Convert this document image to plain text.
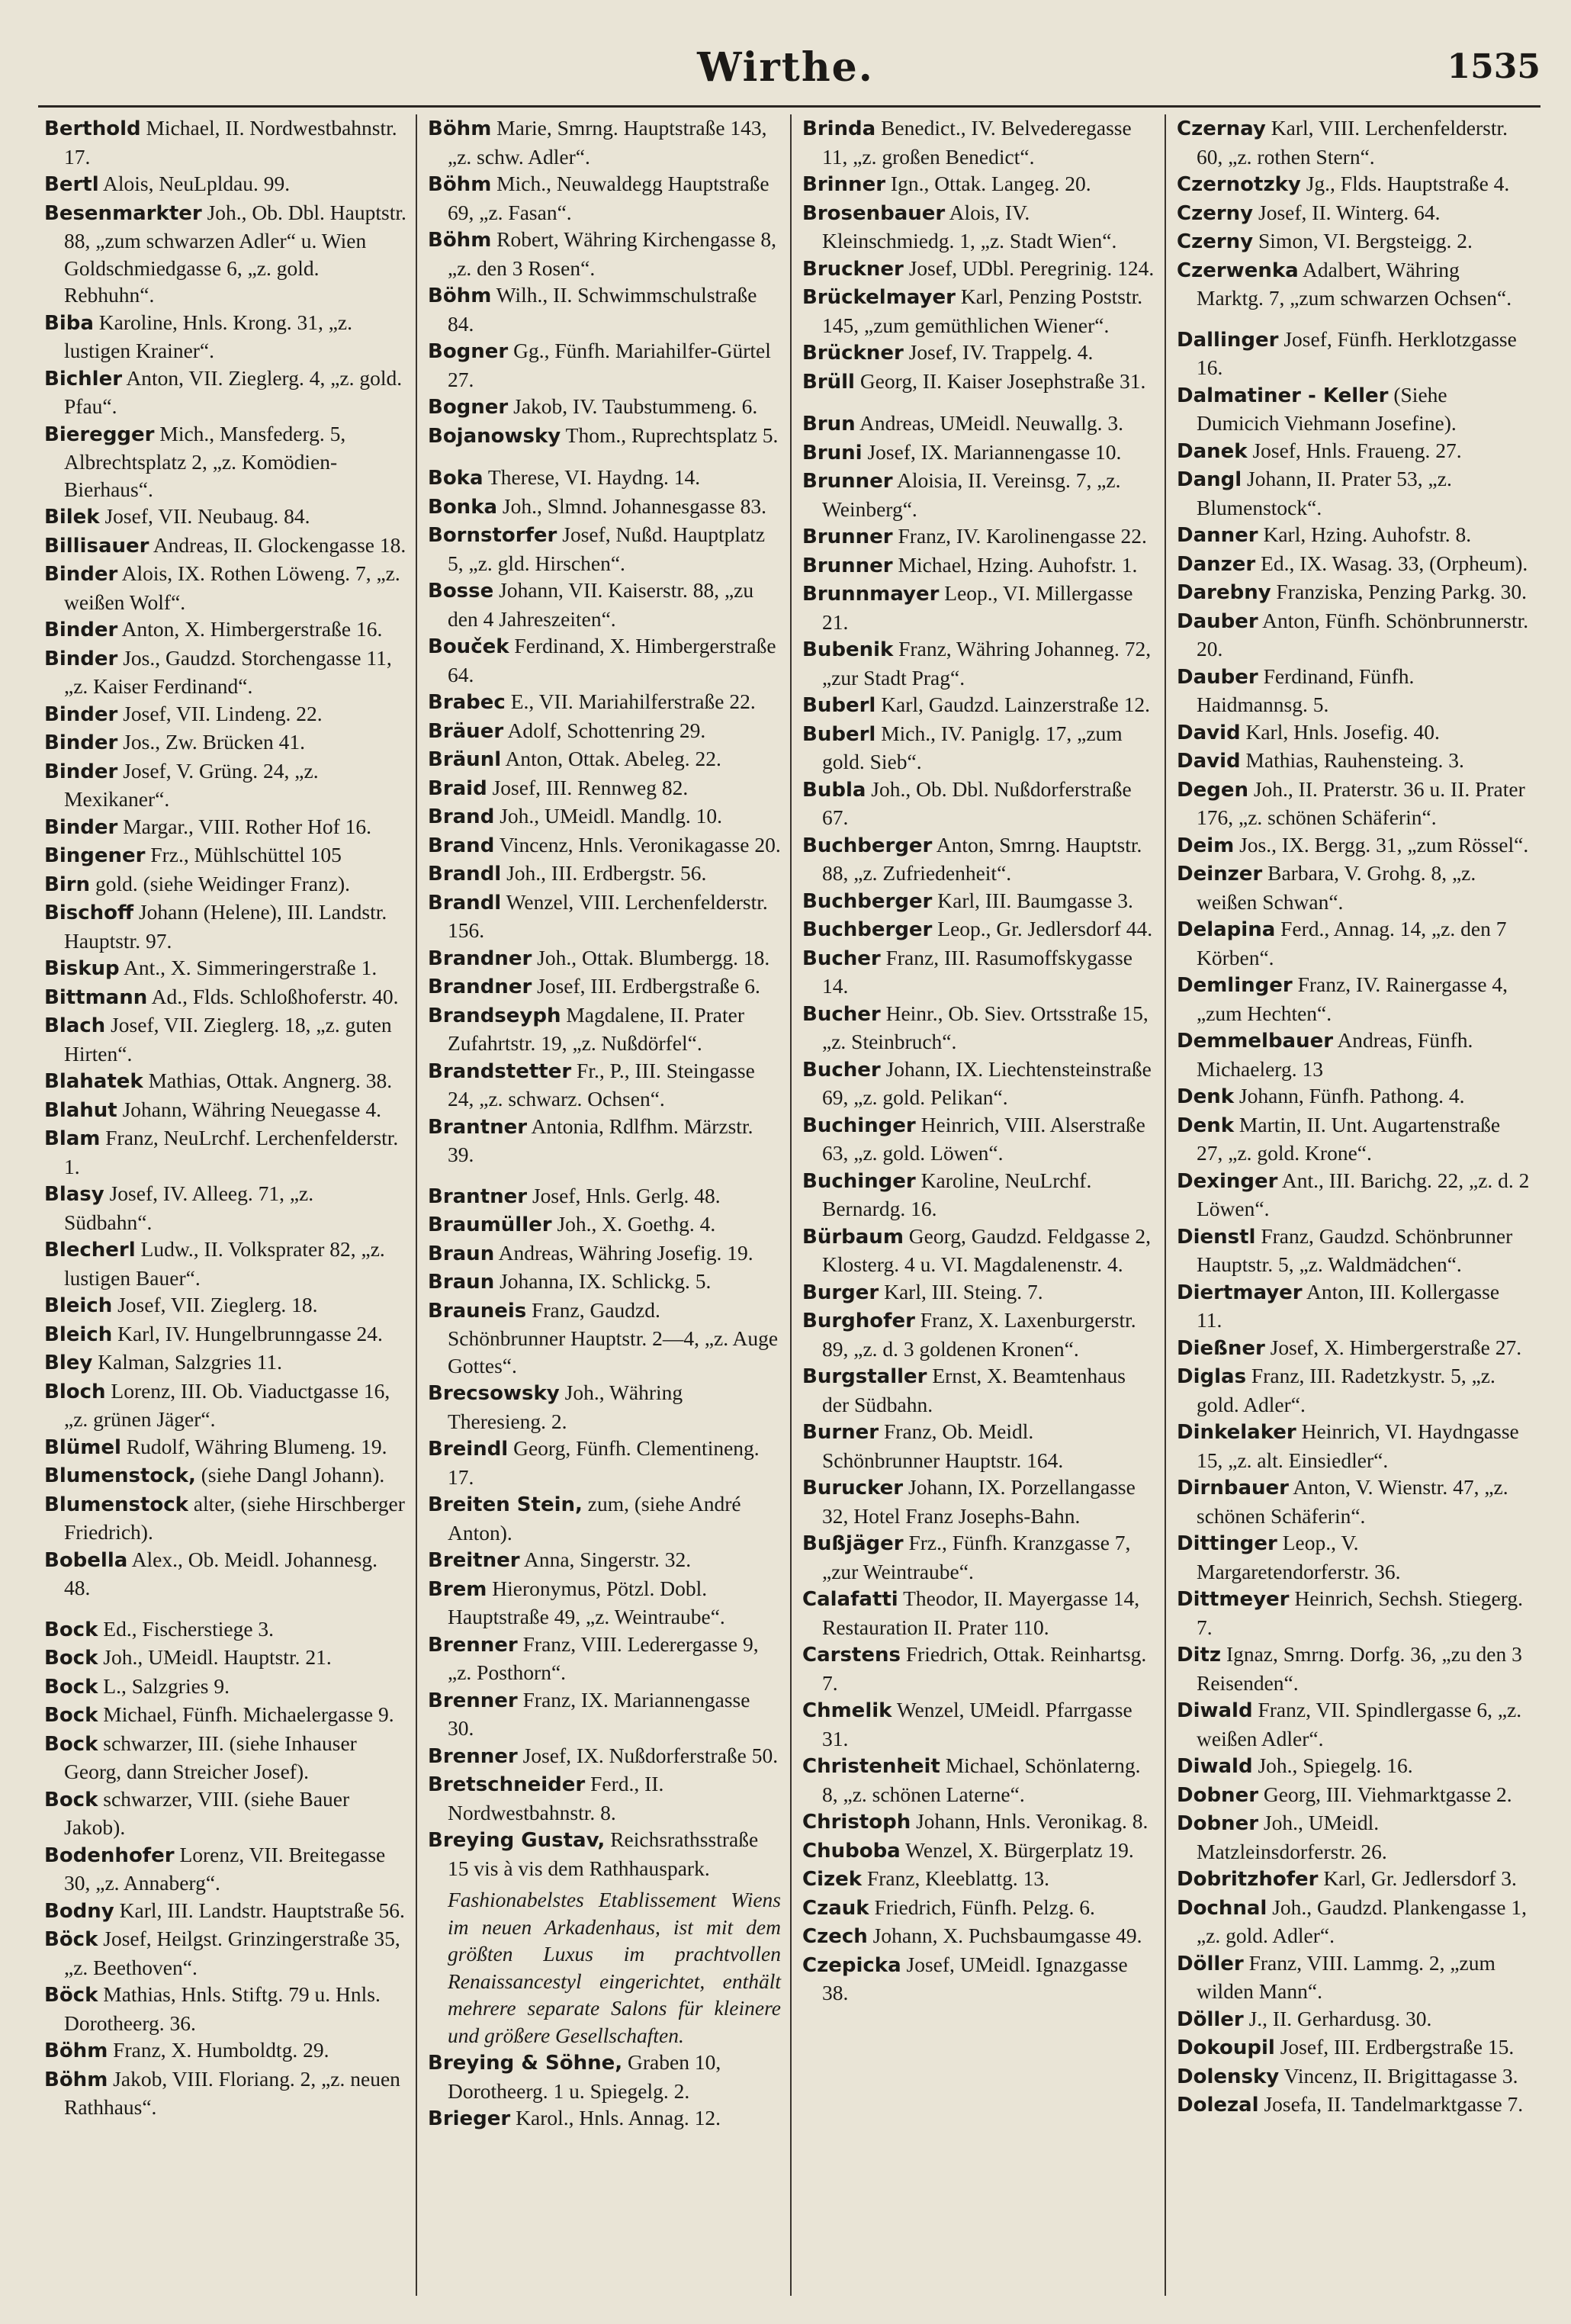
Wirthe.	1535

Berthold Michael, II. Nordwestbahnstr. 17.

Bertl Alois, NeuLpldau. 99.

Besenmarkter Joh., Ob. Dbl. Hauptstr. 88, „zum schwarzen Adler“ u. Wien Goldschmiedgasse 6, „z. gold. Rebhuhn“.

Biba Karoline, Hnls. Krong. 31, „z. lustigen Krainer“.

Bichler Anton, VII. Zieglerg. 4, „z. gold. Pfau“.

Bieregger Mich., Mansfederg. 5, Albrechtsplatz 2, „z. Komödien-Bierhaus“.

Bilek Josef, VII. Neubaug. 84.

Billisauer Andreas, II. Glockengasse 18.

Binder Alois, IX. Rothen Löweng. 7, „z. weißen Wolf“.

Binder Anton, X. Himbergerstraße 16.

Binder Jos., Gaudzd. Storchengasse 11, „z. Kaiser Ferdinand“.

Binder Josef, VII. Lindeng. 22.

Binder Jos., Zw. Brücken 41.

Binder Josef, V. Grüng. 24, „z. Mexikaner“.

Binder Margar., VIII. Rother Hof 16.

Bingener Frz., Mühlschüttel 105

Birn gold. (siehe Weidinger Franz).

Bischoff Johann (Helene), III. Landstr. Hauptstr. 97.

Biskup Ant., X. Simmeringerstraße 1.

Bittmann Ad., Flds. Schloßhoferstr. 40.

Blach Josef, VII. Zieglerg. 18, „z. guten Hirten“.

Blahatek Mathias, Ottak. Angnerg. 38.

Blahut Johann, Währing Neuegasse 4.

Blam Franz, NeuLrchf. Lerchenfelderstr. 1.

Blasy Josef, IV. Alleeg. 71, „z. Südbahn“.

Blecherl Ludw., II. Volksprater 82, „z. lustigen Bauer“.

Bleich Josef, VII. Zieglerg. 18.

Bleich Karl, IV. Hungelbrunngasse 24.

Bley Kalman, Salzgries 11.

Bloch Lorenz, III. Ob. Viaductgasse 16, „z. grünen Jäger“.

Blümel Rudolf, Währing Blumeng. 19.

Blumenstock, (siehe Dangl Johann).

Blumenstock alter, (siehe Hirschberger Friedrich).

Bobella Alex., Ob. Meidl. Johannesg. 48.

Bock Ed., Fischerstiege 3.

Bock Joh., UMeidl. Hauptstr. 21.

Bock L., Salzgries 9.

Bock Michael, Fünfh. Michaelergasse 9.

Bock schwarzer, III. (siehe Inhauser Georg, dann Streicher Josef).

Bock schwarzer, VIII. (siehe Bauer Jakob).

Bodenhofer Lorenz, VII. Breitegasse 30, „z. Annaberg“.

Bodny Karl, III. Landstr. Hauptstraße 56.

Böck Josef, Heilgst. Grinzingerstraße 35, „z. Beethoven“.

Böck Mathias, Hnls. Stiftg. 79 u. Hnls. Dorotheerg. 36.

Böhm Franz, X. Humboldtg. 29.

Böhm Jakob, VIII. Floriang. 2, „z. neuen Rathhaus“.

Böhm Marie, Smrng. Hauptstraße 143, „z. schw. Adler“.

Böhm Mich., Neuwaldegg Hauptstraße 69, „z. Fasan“.

Böhm Robert, Währing Kirchengasse 8, „z. den 3 Rosen“.

Böhm Wilh., II. Schwimmschulstraße 84.

Bogner Gg., Fünfh. Mariahilfer-Gürtel 27.

Bogner Jakob, IV. Taubstummeng. 6.

Bojanowsky Thom., Ruprechtsplatz 5.

Boka Therese, VI. Haydng. 14.

Bonka Joh., Slmnd. Johannesgasse 83.

Bornstorfer Josef, Nußd. Hauptplatz 5, „z. gld. Hirschen“.

Bosse Johann, VII. Kaiserstr. 88, „zu den 4 Jahreszeiten“.

Bouček Ferdinand, X. Himbergerstraße 64.

Brabec E., VII. Mariahilferstraße 22.

Bräuer Adolf, Schottenring 29.

Bräunl Anton, Ottak. Abeleg. 22.

Braid Josef, III. Rennweg 82.

Brand Joh., UMeidl. Mandlg. 10.

Brand Vincenz, Hnls. Veronikagasse 20.

Brandl Joh., III. Erdbergstr. 56.

Brandl Wenzel, VIII. Lerchenfelderstr. 156.

Brandner Joh., Ottak. Blumbergg. 18.

Brandner Josef, III. Erdbergstraße 6.

Brandseyph Magdalene, II. Prater Zufahrtstr. 19, „z. Nußdörfel“.

Brandstetter Fr., P., III. Steingasse 24, „z. schwarz. Ochsen“.

Brantner Antonia, Rdlfhm. Märzstr. 39.

Brantner Josef, Hnls. Gerlg. 48.

Braumüller Joh., X. Goethg. 4.

Braun Andreas, Währing Josefig. 19.

Braun Johanna, IX. Schlickg. 5.

Brauneis Franz, Gaudzd. Schönbrunner Hauptstr. 2—4, „z. Auge Gottes“.

Brecsowsky Joh., Währing Theresieng. 2.

Breindl Georg, Fünfh. Clementineng. 17.

Breiten Stein, zum, (siehe André Anton).

Breitner Anna, Singerstr. 32.

Brem Hieronymus, Pötzl. Dobl. Hauptstraße 49, „z. Weintraube“.

Brenner Franz, VIII. Lederergasse 9, „z. Posthorn“.

Brenner Franz, IX. Mariannengasse 30.

Brenner Josef, IX. Nußdorferstraße 50.

Bretschneider Ferd., II. Nordwestbahnstr. 8.

Breying Gustav, Reichsrathsstraße 15 vis à vis dem Rathhauspark.

Fashionabelstes Etablissement Wiens im neuen Arkadenhaus, ist mit dem größten Luxus im prachtvollen Renaissancestyl eingerichtet, enthält mehrere separate Salons für kleinere und größere Gesellschaften.

Breying & Söhne, Graben 10, Dorotheerg. 1 u. Spiegelg. 2.

Brieger Karol., Hnls. Annag. 12.

Brinda Benedict., IV. Belvederegasse 11, „z. großen Benedict“.

Brinner Ign., Ottak. Langeg. 20.

Brosenbauer Alois, IV. Kleinschmiedg. 1, „z. Stadt Wien“.

Bruckner Josef, UDbl. Peregrinig. 124.

Brückelmayer Karl, Penzing Poststr. 145, „zum gemüthlichen Wiener“.

Brückner Josef, IV. Trappelg. 4.

Brüll Georg, II. Kaiser Josephstraße 31.

Brun Andreas, UMeidl. Neuwallg. 3.

Bruni Josef, IX. Mariannengasse 10.

Brunner Aloisia, II. Vereinsg. 7, „z. Weinberg“.

Brunner Franz, IV. Karolinengasse 22.

Brunner Michael, Hzing. Auhofstr. 1.

Brunnmayer Leop., VI. Millergasse 21.

Bubenik Franz, Währing Johanneg. 72, „zur Stadt Prag“.

Buberl Karl, Gaudzd. Lainzerstraße 12.

Buberl Mich., IV. Paniglg. 17, „zum gold. Sieb“.

Bubla Joh., Ob. Dbl. Nußdorferstraße 67.

Buchberger Anton, Smrng. Hauptstr. 88, „z. Zufriedenheit“.

Buchberger Karl, III. Baumgasse 3.

Buchberger Leop., Gr. Jedlersdorf 44.

Bucher Franz, III. Rasumoffskygasse 14.

Bucher Heinr., Ob. Siev. Ortsstraße 15, „z. Steinbruch“.

Bucher Johann, IX. Liechtensteinstraße 69, „z. gold. Pelikan“.

Buchinger Heinrich, VIII. Alserstraße 63, „z. gold. Löwen“.

Buchinger Karoline, NeuLrchf. Bernardg. 16.

Bürbaum Georg, Gaudzd. Feldgasse 2, Klosterg. 4 u. VI. Magdalenenstr. 4.

Burger Karl, III. Steing. 7.

Burghofer Franz, X. Laxenburgerstr. 89, „z. d. 3 goldenen Kronen“.

Burgstaller Ernst, X. Beamtenhaus der Südbahn.

Burner Franz, Ob. Meidl. Schönbrunner Hauptstr. 164.

Burucker Johann, IX. Porzellangasse 32, Hotel Franz Josephs-Bahn.

Bußjäger Frz., Fünfh. Kranzgasse 7, „zur Weintraube“.

Calafatti Theodor, II. Mayergasse 14, Restauration II. Prater 110.

Carstens Friedrich, Ottak. Reinhartsg. 7.

Chmelik Wenzel, UMeidl. Pfarrgasse 31.

Christenheit Michael, Schönlaterng. 8, „z. schönen Laterne“.

Christoph Johann, Hnls. Veronikag. 8.

Chuboba Wenzel, X. Bürgerplatz 19.

Cizek Franz, Kleeblattg. 13.

Czauk Friedrich, Fünfh. Pelzg. 6.

Czech Johann, X. Puchsbaumgasse 49.

Czepicka Josef, UMeidl. Ignazgasse 38.

Czernay Karl, VIII. Lerchenfelderstr. 60, „z. rothen Stern“.

Czernotzky Jg., Flds. Hauptstraße 4.

Czerny Josef, II. Winterg. 64.

Czerny Simon, VI. Bergsteigg. 2.

Czerwenka Adalbert, Währing Marktg. 7, „zum schwarzen Ochsen“.

Dallinger Josef, Fünfh. Herklotzgasse 16.

Dalmatiner - Keller (Siehe Dumicich Viehmann Josefine).

Danek Josef, Hnls. Fraueng. 27.

Dangl Johann, II. Prater 53, „z. Blumenstock“.

Danner Karl, Hzing. Auhofstr. 8.

Danzer Ed., IX. Wasag. 33, (Orpheum).

Darebny Franziska, Penzing Parkg. 30.

Dauber Anton, Fünfh. Schönbrunnerstr. 20.

Dauber Ferdinand, Fünfh. Haidmannsg. 5.

David Karl, Hnls. Josefig. 40.

David Mathias, Rauhensteing. 3.

Degen Joh., II. Praterstr. 36 u. II. Prater 176, „z. schönen Schäferin“.

Deim Jos., IX. Bergg. 31, „zum Rössel“.

Deinzer Barbara, V. Grohg. 8, „z. weißen Schwan“.

Delapina Ferd., Annag. 14, „z. den 7 Körben“.

Demlinger Franz, IV. Rainergasse 4, „zum Hechten“.

Demmelbauer Andreas, Fünfh. Michaelerg. 13

Denk Johann, Fünfh. Pathong. 4.

Denk Martin, II. Unt. Augartenstraße 27, „z. gold. Krone“.

Dexinger Ant., III. Barichg. 22, „z. d. 2 Löwen“.

Dienstl Franz, Gaudzd. Schönbrunner Hauptstr. 5, „z. Waldmädchen“.

Diertmayer Anton, III. Kollergasse 11.

Dießner Josef, X. Himbergerstraße 27.

Diglas Franz, III. Radetzkystr. 5, „z. gold. Adler“.

Dinkelaker Heinrich, VI. Haydngasse 15, „z. alt. Einsiedler“.

Dirnbauer Anton, V. Wienstr. 47, „z. schönen Schäferin“.

Dittinger Leop., V. Margaretendorferstr. 36.

Dittmeyer Heinrich, Sechsh. Stiegerg. 7.

Ditz Ignaz, Smrng. Dorfg. 36, „zu den 3 Reisenden“.

Diwald Franz, VII. Spindlergasse 6, „z. weißen Adler“.

Diwald Joh., Spiegelg. 16.

Dobner Georg, III. Viehmarktgasse 2.

Dobner Joh., UMeidl. Matzleinsdorferstr. 26.

Dobritzhofer Karl, Gr. Jedlersdorf 3.

Dochnal Joh., Gaudzd. Plankengasse 1, „z. gold. Adler“.

Döller Franz, VIII. Lammg. 2, „zum wilden Mann“.

Döller J., II. Gerhardusg. 30.

Dokoupil Josef, III. Erdbergstraße 15.

Dolensky Vincenz, II. Brigittagasse 3.

Dolezal Josefa, II. Tandelmarktgasse 7.
